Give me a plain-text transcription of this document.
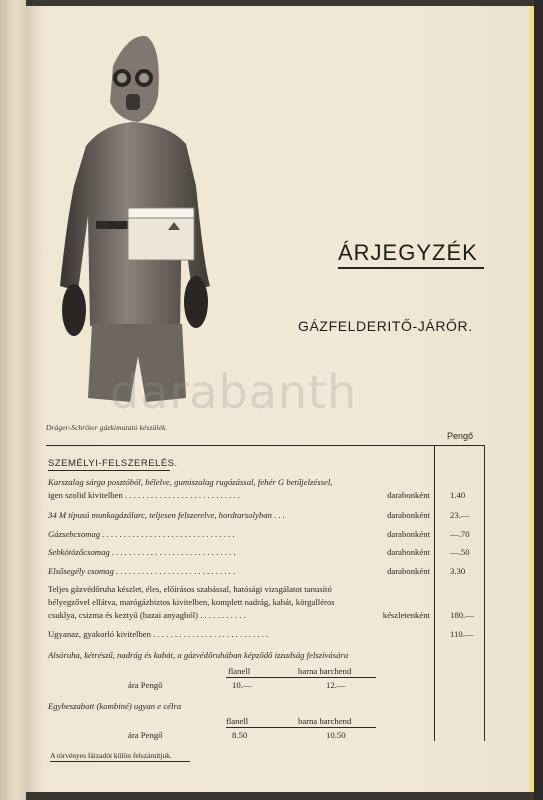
darabanth
Dräger-Schröter gázkimutató készülék.
ÁRJEGYZÉK
GÁZFELDERITŐ-JÁRŐR.
Pengő
SZEMÉLYI-FELSZERELÉS.
Karszalag sárga posztóból, bélelve, gumiszalag rugózással, fehér G betűjelzéssel,
igen szolid kivitelben . . . . . . . . . . . . . . . . . . . . . . . . . . .	darabonként 1.40
34 M típusú munkagázálarc, teljesen felszerelve, hordtarsolyban . . .	darabonként 23.—
Gázsebcsomag . . . . . . . . . . . . . . . . . . . . . . . . . . . . . . .	darabonként —.70
Sebkötözőcsomag . . . . . . . . . . . . . . . . . . . . . . . . . . . . .	darabonként —.50
Elsősegély csomag . . . . . . . . . . . . . . . . . . . . . . . . . . . .	darabonként 3.30
Teljes gázvédőruha készlet, éles, előírásos szabással, hatósági vizsgálatot tanusító
bélyegzővel ellátva, marógázbiztos kivitelben, komplett nadrág, kabát, körgalléros
csuklya, csizma és keztyű (hazai anyagból) . . . . . . . . . . .	készletenként 180.—
Ugyanaz, gyakorló kivitelben . . . . . . . . . . . . . . . . . . . . . . . . . . .	110.—
Alsóruha, kétrészű, nadrág és kabát, a gázvédőruhában képződő izzadság felszívására
flanell	barna barchend
ára Pengő	10.—	12.—
Egybeszabott (kombiné) ugyan e célra
flanell	barna barchend
ára Pengő	8.50	10.50
A törvényes fáizadót külön felszámítjuk.
